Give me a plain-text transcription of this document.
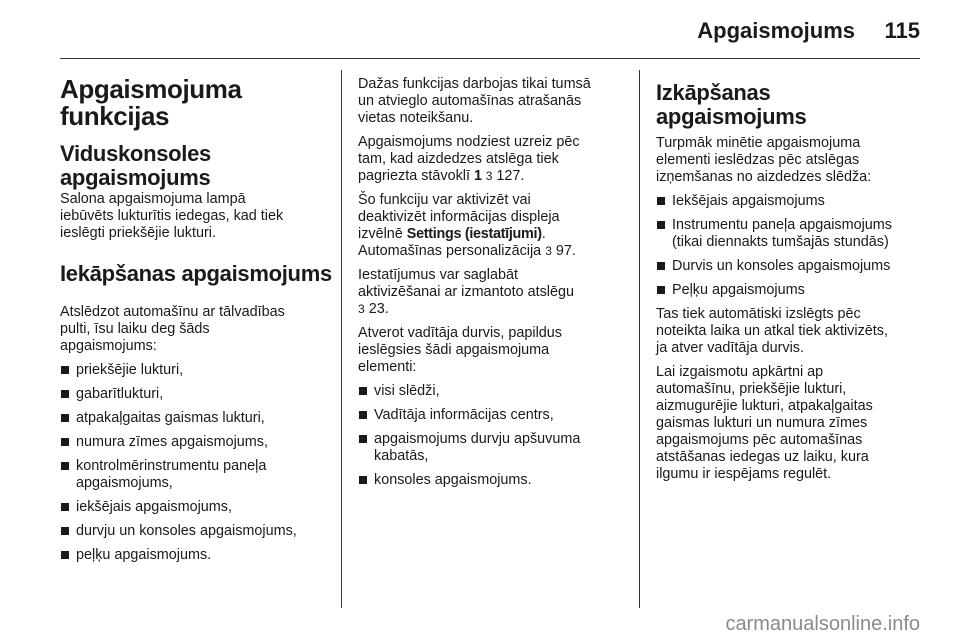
Apgaismojums 115
Apgaismojuma
funkcijas
Viduskonsoles
apgaismojums

Salona apgaismojuma lampā
iebūvēts lukturītis iedegas, kad tiek
ieslēgti priekšējie lukturi.

Iekāpšanas apgaismojums

Atslēdzot automašīnu ar tālvadības
pulti, īsu laiku deg šāds
apgaismojums:

priekšējie lukturi,
gabarītlukturi,
atpakaļgaitas gaismas lukturi,
numura zīmes apgaismojums,
kontrolmērinstrumentu paneļa
apgaismojums,
iekšējais apgaismojums,
durvju un konsoles apgaismojums,
peļķu apgaismojums.

Dažas funkcijas darbojas tikai tumsā
un atvieglo automašīnas atrašanās
vietas noteikšanu.

Apgaismojums nodziest uzreiz pēc
tam, kad aizdedzes atslēga tiek
pagriezta stāvoklī 1 3 127.

Šo funkciju var aktivizēt vai
deaktivizēt informācijas displeja
izvēlnē Settings (iestatījumi).
Automašīnas personalizācija 3 97.

Iestatījumus var saglabāt
aktivizēšanai ar izmantoto atslēgu
3 23.

Atverot vadītāja durvis, papildus
ieslēgsies šādi apgaismojuma
elementi:

visi slēdži,
Vadītāja informācijas centrs,
apgaismojums durvju apšuvuma
kabatās,
konsoles apgaismojums.
Izkāpšanas apgaismojums

Turpmāk minētie apgaismojuma
elementi ieslēdzas pēc atslēgas
izņemšanas no aizdedzes slēdža:

Iekšējais apgaismojums
Instrumentu paneļa apgaismojums
(tikai diennakts tumšajās stundās)
Durvis un konsoles apgaismojums
Peļķu apgaismojums

Tas tiek automātiski izslēgts pēc
noteikta laika un atkal tiek aktivizēts,
ja atver vadītāja durvis.

Lai izgaismotu apkārtni ap
automašīnu, priekšējie lukturi,
aizmugurējie lukturi, atpakaļgaitas
gaismas lukturi un numura zīmes
apgaismojums pēc automašīnas
atstāšanas iedegas uz laiku, kura
ilgumu ir iespējams regulēt.

carmanualsonline.info
